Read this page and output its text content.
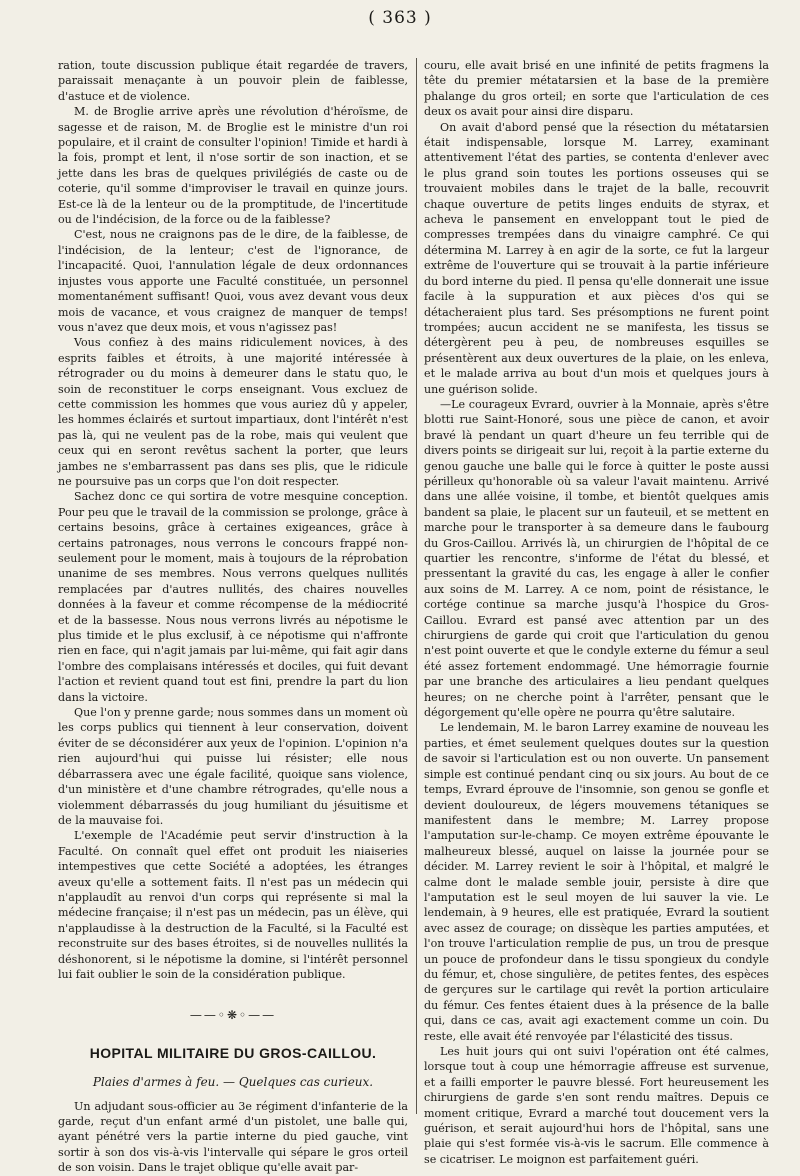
( 363 )

ration, toute discussion publique était regardée de travers, paraissait menaçante à un pouvoir plein de faiblesse, d'astuce et de violence.

M. de Broglie arrive après une révolution d'héroïsme, de sagesse et de raison, M. de Broglie est le ministre d'un roi populaire, et il craint de consulter l'opinion! Timide et hardi à la fois, prompt et lent, il n'ose sortir de son inaction, et se jette dans les bras de quelques privilégiés de caste ou de coterie, qu'il somme d'improviser le travail en quinze jours. Est-ce là de la lenteur ou de la promptitude, de l'incertitude ou de l'indécision, de la force ou de la faiblesse?

C'est, nous ne craignons pas de le dire, de la faiblesse, de l'indécision, de la lenteur; c'est de l'ignorance, de l'incapacité. Quoi, l'annulation légale de deux ordonnances injustes vous apporte une Faculté constituée, un personnel momentanément suffisant! Quoi, vous avez devant vous deux mois de vacance, et vous craignez de manquer de temps! vous n'avez que deux mois, et vous n'agissez pas!

Vous confiez à des mains ridiculement novices, à des esprits faibles et étroits, à une majorité intéressée à rétrograder ou du moins à demeurer dans le statu quo, le soin de reconstituer le corps enseignant. Vous excluez de cette commission les hommes que vous auriez dû y appeler, les hommes éclairés et surtout impartiaux, dont l'intérêt n'est pas là, qui ne veulent pas de la robe, mais qui veulent que ceux qui en seront revêtus sachent la porter, que leurs jambes ne s'embarrassent pas dans ses plis, que le ridicule ne poursuive pas un corps que l'on doit respecter.

Sachez donc ce qui sortira de votre mesquine conception. Pour peu que le travail de la commission se prolonge, grâce à certains besoins, grâce à certaines exigeances, grâce à certains patronages, nous verrons le concours frappé non-seulement pour le moment, mais à toujours de la réprobation unanime de ses membres. Nous verrons quelques nullités remplacées par d'autres nullités, des chaires nouvelles données à la faveur et comme récompense de la médiocrité et de la bassesse. Nous nous verrons livrés au népotisme le plus timide et le plus exclusif, à ce népotisme qui n'affronte rien en face, qui n'agit jamais par lui-même, qui fait agir dans l'ombre des complaisans intéressés et dociles, qui fuit devant l'action et revient quand tout est fini, prendre la part du lion dans la victoire.

Que l'on y prenne garde; nous sommes dans un moment où les corps publics qui tiennent à leur conservation, doivent éviter de se déconsidérer aux yeux de l'opinion. L'opinion n'a rien aujourd'hui qui puisse lui résister; elle nous débarrassera avec une égale facilité, quoique sans violence, d'un ministère et d'une chambre rétrogrades, qu'elle nous a violemment débarrassés du joug humiliant du jésuitisme et de la mauvaise foi.

L'exemple de l'Académie peut servir d'instruction à la Faculté. On connaît quel effet ont produit les niaiseries intempestives que cette Société a adoptées, les étranges aveux qu'elle a sottement faits. Il n'est pas un médecin qui n'applaudît au renvoi d'un corps qui représente si mal la médecine française; il n'est pas un médecin, pas un élève, qui n'applaudisse à la destruction de la Faculté, si la Faculté est reconstruite sur des bases étroites, si de nouvelles nullités la déshonorent, si le népotisme la domine, si l'intérêt personnel lui fait oublier le soin de la considération publique.

——◦❋◦——
HOPITAL MILITAIRE DU GROS-CAILLOU.
Plaies d'armes à feu. — Quelques cas curieux.

Un adjudant sous-officier au 3e régiment d'infanterie de la garde, reçut d'un enfant armé d'un pistolet, une balle qui, ayant pénétré vers la partie interne du pied gauche, vint sortir à son dos vis-à-vis l'intervalle qui sépare le gros orteil de son voisin. Dans le trajet oblique qu'elle avait par-

couru, elle avait brisé en une infinité de petits fragmens la tête du premier métatarsien et la base de la première phalange du gros orteil; en sorte que l'articulation de ces deux os avait pour ainsi dire disparu.

On avait d'abord pensé que la résection du métatarsien était indispensable, lorsque M. Larrey, examinant attentivement l'état des parties, se contenta d'enlever avec le plus grand soin toutes les portions osseuses qui se trouvaient mobiles dans le trajet de la balle, recouvrit chaque ouverture de petits linges enduits de styrax, et acheva le pansement en enveloppant tout le pied de compresses trempées dans du vinaigre camphré. Ce qui détermina M. Larrey à en agir de la sorte, ce fut la largeur extrême de l'ouverture qui se trouvait à la partie inférieure du bord interne du pied. Il pensa qu'elle donnerait une issue facile à la suppuration et aux pièces d'os qui se détacheraient plus tard. Ses présomptions ne furent point trompées; aucun accident ne se manifesta, les tissus se détergèrent peu à peu, de nombreuses esquilles se présentèrent aux deux ouvertures de la plaie, on les enleva, et le malade arriva au bout d'un mois et quelques jours à une guérison solide.

—Le courageux Evrard, ouvrier à la Monnaie, après s'être blotti rue Saint-Honoré, sous une pièce de canon, et avoir bravé là pendant un quart d'heure un feu terrible qui de divers points se dirigeait sur lui, reçoit à la partie externe du genou gauche une balle qui le force à quitter le poste aussi périlleux qu'honorable où sa valeur l'avait maintenu. Arrivé dans une allée voisine, il tombe, et bientôt quelques amis bandent sa plaie, le placent sur un fauteuil, et se mettent en marche pour le transporter à sa demeure dans le faubourg du Gros-Caillou. Arrivés là, un chirurgien de l'hôpital de ce quartier les rencontre, s'informe de l'état du blessé, et pressentant la gravité du cas, les engage à aller le confier aux soins de M. Larrey. A ce nom, point de résistance, le cortége continue sa marche jusqu'à l'hospice du Gros-Caillou. Evrard est pansé avec attention par un des chirurgiens de garde qui croit que l'articulation du genou n'est point ouverte et que le condyle externe du fémur a seul été assez fortement endommagé. Une hémorragie fournie par une branche des articulaires a lieu pendant quelques heures; on ne cherche point à l'arrêter, pensant que le dégorgement qu'elle opère ne pourra qu'être salutaire.

Le lendemain, M. le baron Larrey examine de nouveau les parties, et émet seulement quelques doutes sur la question de savoir si l'articulation est ou non ouverte. Un pansement simple est continué pendant cinq ou six jours. Au bout de ce temps, Evrard éprouve de l'insomnie, son genou se gonfle et devient douloureux, de légers mouvemens tétaniques se manifestent dans le membre; M. Larrey propose l'amputation sur-le-champ. Ce moyen extrême épouvante le malheureux blessé, auquel on laisse la journée pour se décider. M. Larrey revient le soir à l'hôpital, et malgré le calme dont le malade semble jouir, persiste à dire que l'amputation est le seul moyen de lui sauver la vie. Le lendemain, à 9 heures, elle est pratiquée, Evrard la soutient avec assez de courage; on dissèque les parties amputées, et l'on trouve l'articulation remplie de pus, un trou de presque un pouce de profondeur dans le tissu spongieux du condyle du fémur, et, chose singulière, de petites fentes, des espèces de gerçures sur le cartilage qui revêt la portion articulaire du fémur. Ces fentes étaient dues à la présence de la balle qui, dans ce cas, avait agi exactement comme un coin. Du reste, elle avait été renvoyée par l'élasticité des tissus.

Les huit jours qui ont suivi l'opération ont été calmes, lorsque tout à coup une hémorragie affreuse est survenue, et a failli emporter le pauvre blessé. Fort heureusement les chirurgiens de garde s'en sont rendu maîtres. Depuis ce moment critique, Evrard a marché tout doucement vers la guérison, et serait aujourd'hui hors de l'hôpital, sans une plaie qui s'est formée vis-à-vis le sacrum. Elle commence à se cicatriser. Le moignon est parfaitement guéri.
